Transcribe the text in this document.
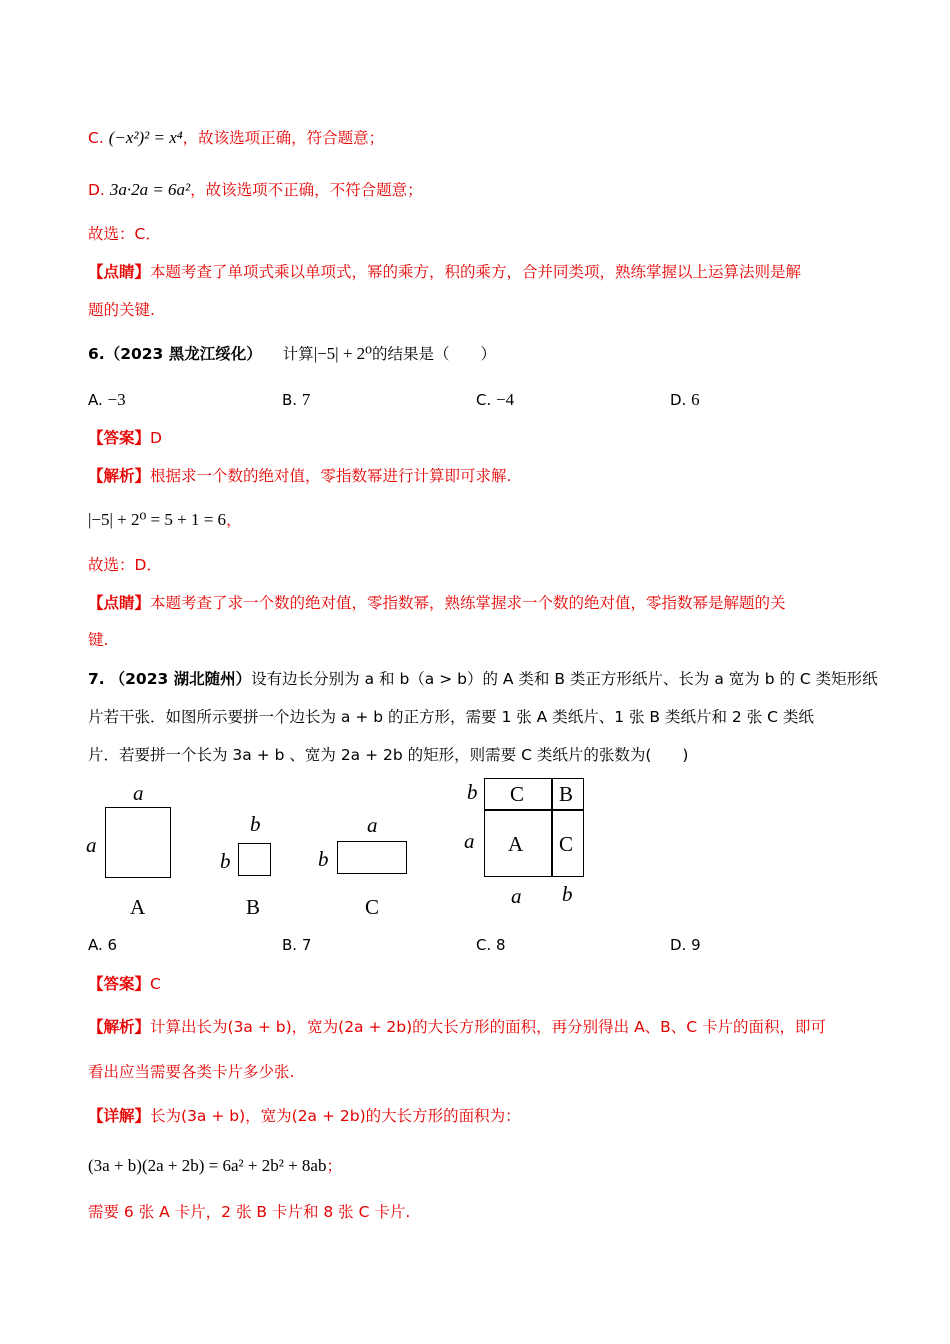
C. (−x²)² = x⁴，故该选项正确，符合题意；
D. 3a·2a = 6a²，故该选项不正确，不符合题意；
故选：C．
【点睛】本题考查了单项式乘以单项式，幂的乘方，积的乘方，合并同类项，熟练掌握以上运算法则是解
题的关键.
6.（2023 黑龙江绥化） 计算|−5| + 2⁰的结果是（　　）
A. −3	B. 7	C. −4	D. 6
【答案】D
【解析】根据求一个数的绝对值，零指数幂进行计算即可求解.
|−5| + 2⁰ = 5 + 1 = 6，
故选：D．
【点睛】本题考查了求一个数的绝对值，零指数幂，熟练掌握求一个数的绝对值，零指数幂是解题的关
键.
7. （2023 湖北随州）设有边长分别为 a 和 b（a > b）的 A 类和 B 类正方形纸片、长为 a 宽为 b 的 C 类矩形纸
片若干张．如图所示要拼一个边长为 a + b 的正方形，需要 1 张 A 类纸片、1 张 B 类纸片和 2 张 C 类纸
片．若要拼一个长为 3a + b 、宽为 2a + 2b 的矩形，则需要 C 类纸片的张数为(　　)
a
a
A
b
b
B
a
b
C
b
a
C B
A C
a b
A. 6	B. 7	C. 8	D. 9
【答案】C
【解析】计算出长为(3a + b)，宽为(2a + 2b)的大长方形的面积，再分别得出 A、B、C 卡片的面积，即可
看出应当需要各类卡片多少张.
【详解】长为(3a + b)，宽为(2a + 2b)的大长方形的面积为：
(3a + b)(2a + 2b) = 6a² + 2b² + 8ab；
需要 6 张 A 卡片，2 张 B 卡片和 8 张 C 卡片.
